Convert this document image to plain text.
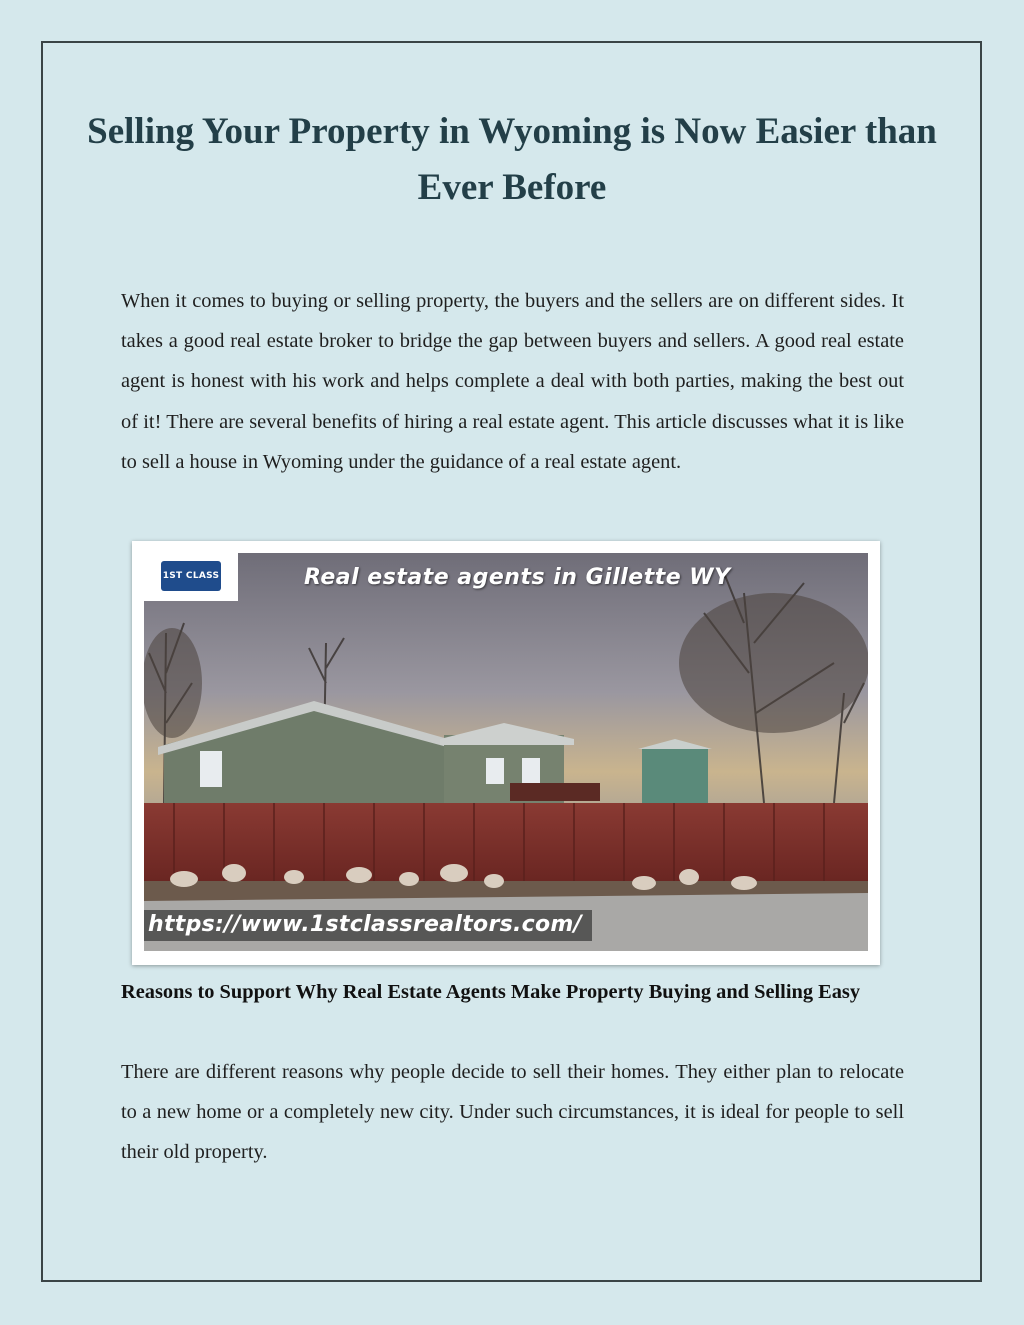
Selling Your Property in Wyoming is Now Easier than Ever Before

When it comes to buying or selling property, the buyers and the sellers are on different sides. It takes a good real estate broker to bridge the gap between buyers and sellers. A good real estate agent is honest with his work and helps complete a deal with both parties, making the best out of it! There are several benefits of hiring a real estate agent. This article discusses what it is like to sell a house in Wyoming under the guidance of a real estate agent.

1ST CLASS	Real estate agents in Gillette WY
https://www.1stclassrealtors.com/
Reasons to Support Why Real Estate Agents Make Property Buying and Selling Easy

There are different reasons why people decide to sell their homes. They either plan to relocate to a new home or a completely new city. Under such circumstances, it is ideal for people to sell their old property.
